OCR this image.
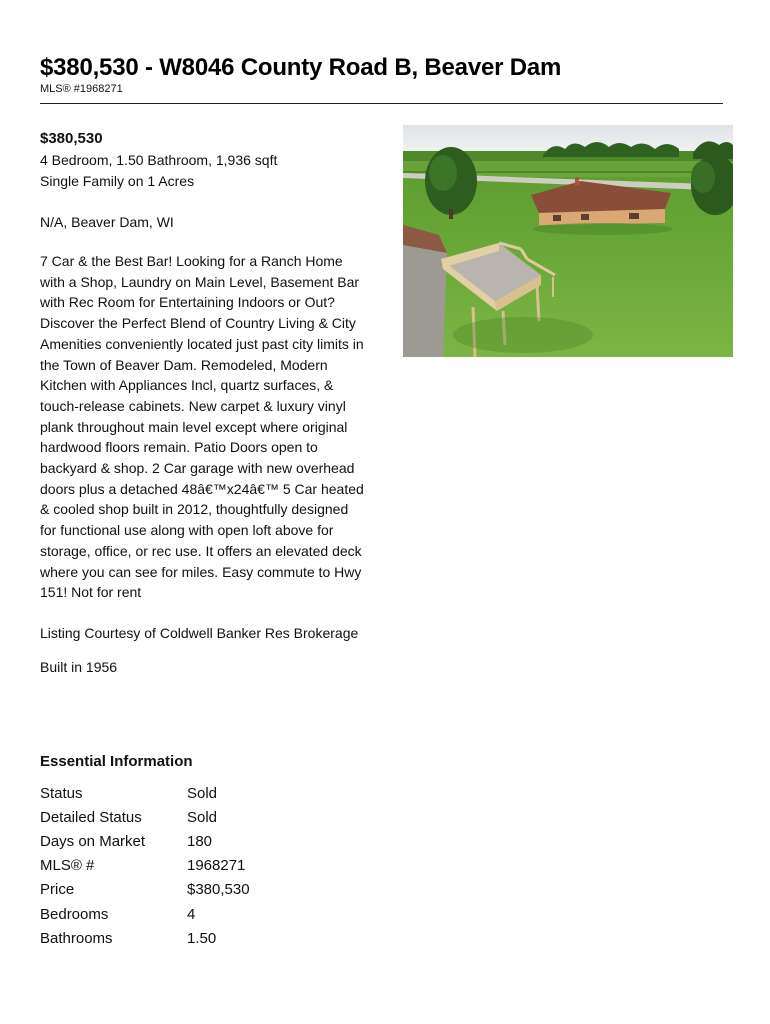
$380,530 - W8046 County Road B, Beaver Dam
MLS® #1968271
$380,530
4 Bedroom, 1.50 Bathroom, 1,936 sqft
Single Family on 1 Acres
N/A, Beaver Dam, WI
7 Car & the Best Bar! Looking for a Ranch Home with a Shop, Laundry on Main Level, Basement Bar with Rec Room for Entertaining Indoors or Out? Discover the Perfect Blend of Country Living & City Amenities conveniently located just past city limits in the Town of Beaver Dam. Remodeled, Modern Kitchen with Appliances Incl, quartz surfaces, & touch-release cabinets. New carpet & luxury vinyl plank throughout main level except where original hardwood floors remain. Patio Doors open to backyard & shop. 2 Car garage with new overhead doors plus a detached 48â€™x24â€™ 5 Car heated & cooled shop built in 2012, thoughtfully designed for functional use along with open loft above for storage, office, or rec use. It offers an elevated deck where you can see for miles. Easy commute to Hwy 151! Not for rent
Listing Courtesy of Coldwell Banker Res Brokerage
Built in 1956
Essential Information
Status	Sold
Detailed Status	Sold
Days on Market	180
MLS® #	1968271
Price	$380,530
Bedrooms	4
Bathrooms	1.50
